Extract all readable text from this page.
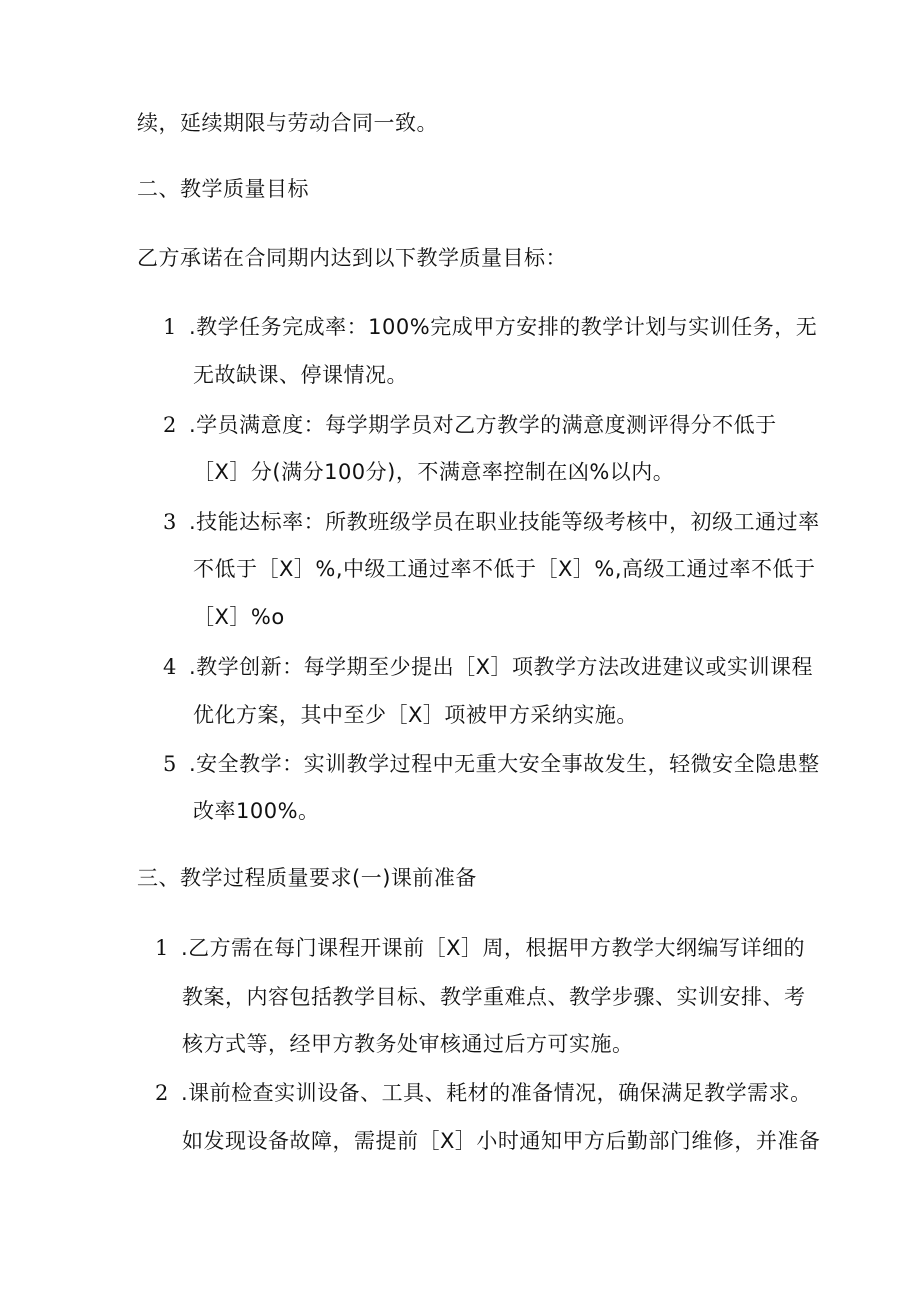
续，延续期限与劳动合同一致。
二、教学质量目标
乙方承诺在合同期内达到以下教学质量目标：
1 .教学任务完成率：100%完成甲方安排的教学计划与实训任务，无
无故缺课、停课情况。
2 .学员满意度：每学期学员对乙方教学的满意度测评得分不低于
［X］分(满分100分)，不满意率控制在凶%以内。
3 .技能达标率：所教班级学员在职业技能等级考核中，初级工通过率
不低于［X］%,中级工通过率不低于［X］%,高级工通过率不低于
［X］%o
4 .教学创新：每学期至少提出［X］项教学方法改进建议或实训课程
优化方案，其中至少［X］项被甲方采纳实施。
5 .安全教学：实训教学过程中无重大安全事故发生，轻微安全隐患整
改率100%。
三、教学过程质量要求(一)课前准备
1 .乙方需在每门课程开课前［X］周，根据甲方教学大纲编写详细的
教案，内容包括教学目标、教学重难点、教学步骤、实训安排、考
核方式等，经甲方教务处审核通过后方可实施。
2 .课前检查实训设备、工具、耗材的准备情况，确保满足教学需求。
如发现设备故障，需提前［X］小时通知甲方后勤部门维修，并准备
